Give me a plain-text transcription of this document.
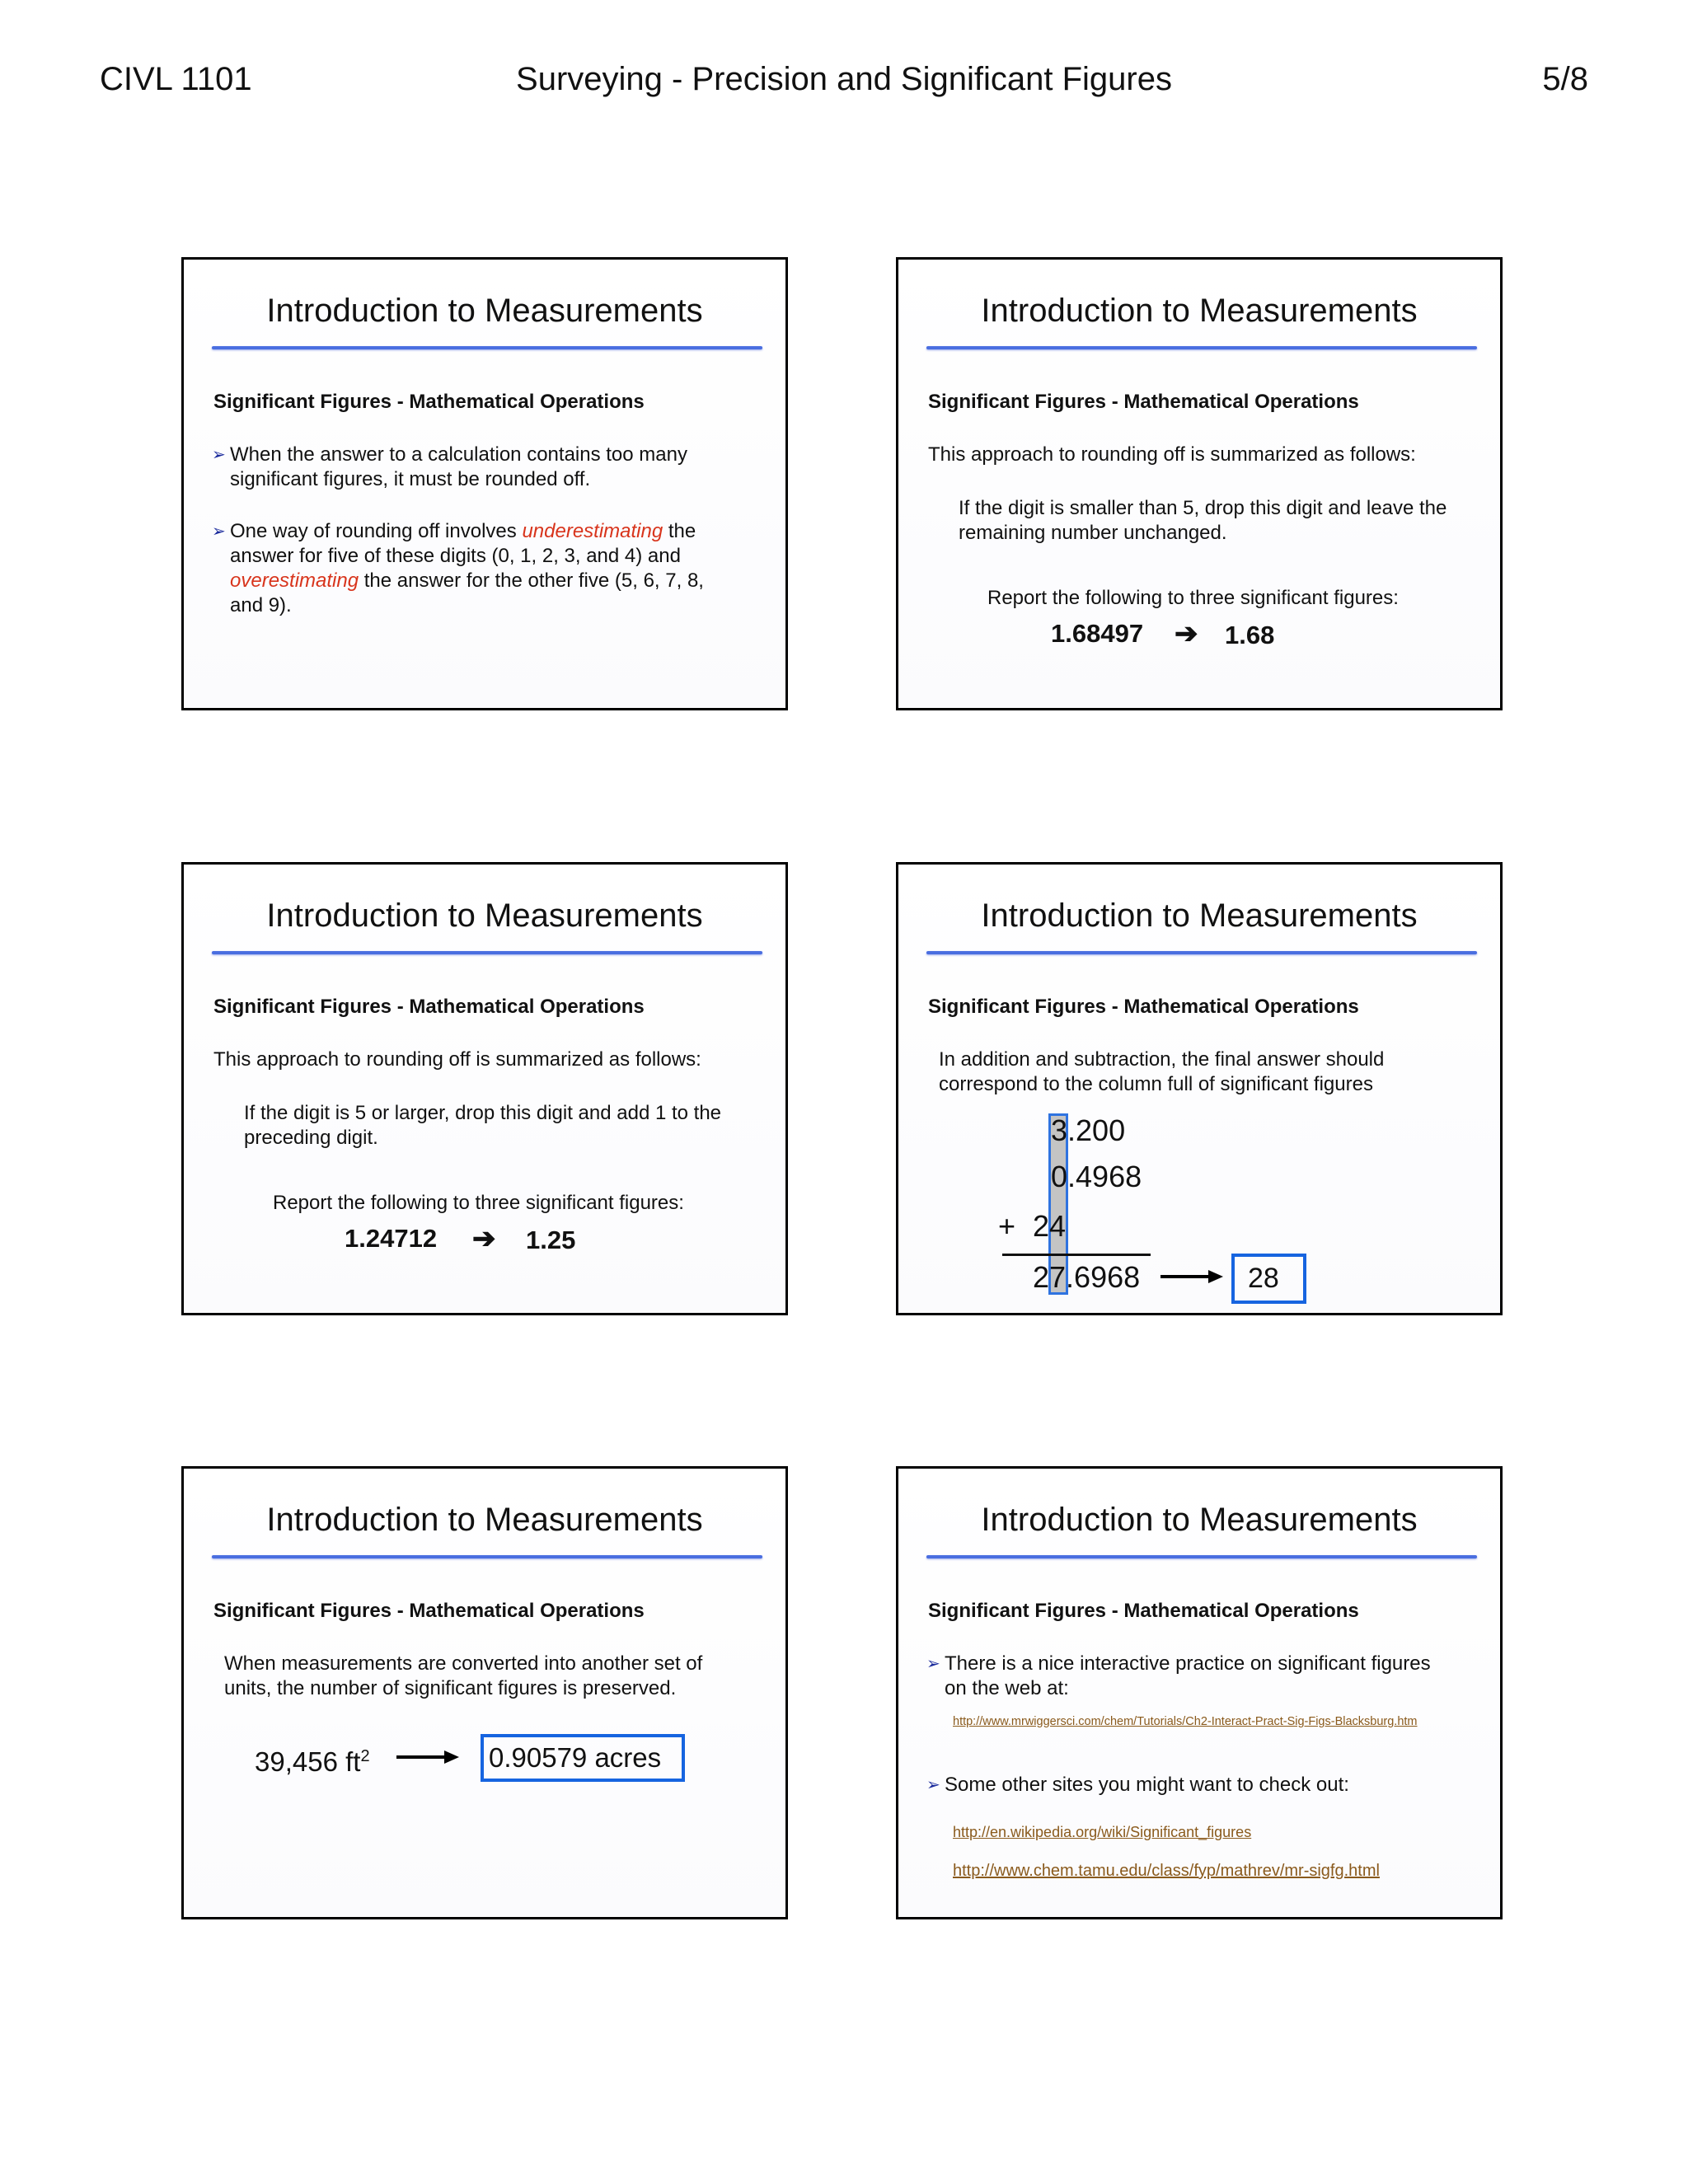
CIVL 1101	Surveying - Precision and Significant Figures	5/8
Introduction to Measurements
Significant Figures - Mathematical Operations
➢ When the answer to a calculation contains too many significant figures, it must be rounded off.
➢ One way of rounding off involves underestimating the answer for five of these digits (0, 1, 2, 3, and 4) and overestimating the answer for the other five (5, 6, 7, 8, and 9).
Introduction to Measurements
Significant Figures - Mathematical Operations
This approach to rounding off is summarized as follows:
If the digit is smaller than 5, drop this digit and leave the remaining number unchanged.
Report the following to three significant figures:
1.68497 ➔ 1.68
Introduction to Measurements
Significant Figures - Mathematical Operations
This approach to rounding off is summarized as follows:
If the digit is 5 or larger, drop this digit and add 1 to the preceding digit.
Report the following to three significant figures:
1.24712 ➔ 1.25
Introduction to Measurements
Significant Figures - Mathematical Operations
In addition and subtraction, the final answer should correspond to the column full of significant figures
3.200
0.4968
+ 24
27.6968	28
Introduction to Measurements
Significant Figures - Mathematical Operations
When measurements are converted into another set of units, the number of significant figures is preserved.
39,456 $ft^2$	0.90579 acres
Introduction to Measurements
Significant Figures - Mathematical Operations
➢ There is a nice interactive practice on significant figures on the web at:
http://www.mrwiggersci.com/chem/Tutorials/Ch2-Interact-Pract-Sig-Figs-Blacksburg.htm
➢ Some other sites you might want to check out:
http://en.wikipedia.org/wiki/Significant_figures
http://www.chem.tamu.edu/class/fyp/mathrev/mr-sigfg.html
